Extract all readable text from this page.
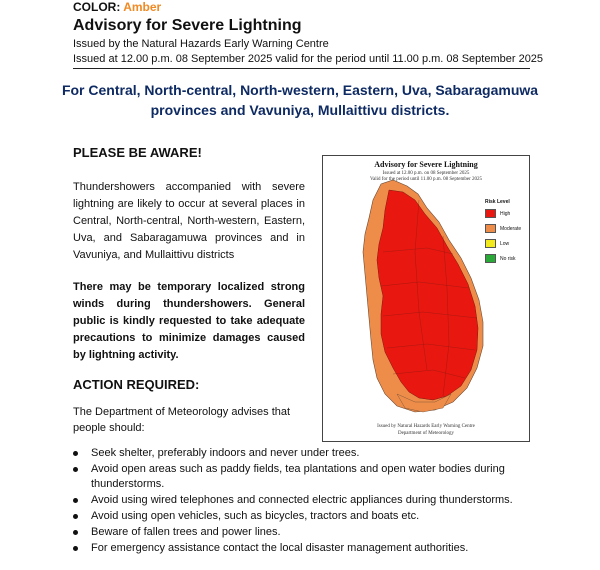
COLOR: Amber
Advisory for Severe Lightning
Issued by the Natural Hazards Early Warning Centre
Issued at 12.00 p.m. 08 September 2025 valid for the period until 11.00 p.m. 08 September 2025
For Central, North-central, North-western, Eastern, Uva, Sabaragamuwa provinces and Vavuniya, Mullaittivu districts.
PLEASE BE AWARE!
Thundershowers accompanied with severe lightning are likely to occur at several places in Central, North-central, North-western, Eastern, Uva, and Sabaragamuwa provinces and in Vavuniya, and Mullaittivu districts
There may be temporary localized strong winds during thundershowers. General public is kindly requested to take adequate precautions to minimize damages caused by lightning activity.
ACTION REQUIRED:
The Department of Meteorology advises that people should:
Seek shelter, preferably indoors and never under trees.
Avoid open areas such as paddy fields, tea plantations and open water bodies during thunderstorms.
Avoid using wired telephones and connected electric appliances during thunderstorms.
Avoid using open vehicles, such as bicycles, tractors and boats etc.
Beware of fallen trees and power lines.
For emergency assistance contact the local disaster management authorities.
Advisory for Severe Lightning
Issued at 12.00 p.m. on 08 September 2025
Valid for the period until 11.00 p.m. 08 September 2025
Risk Level
High
Moderate
Low
No risk
Issued by Natural Hazards Early Warning Centre
Department of Meteorology
